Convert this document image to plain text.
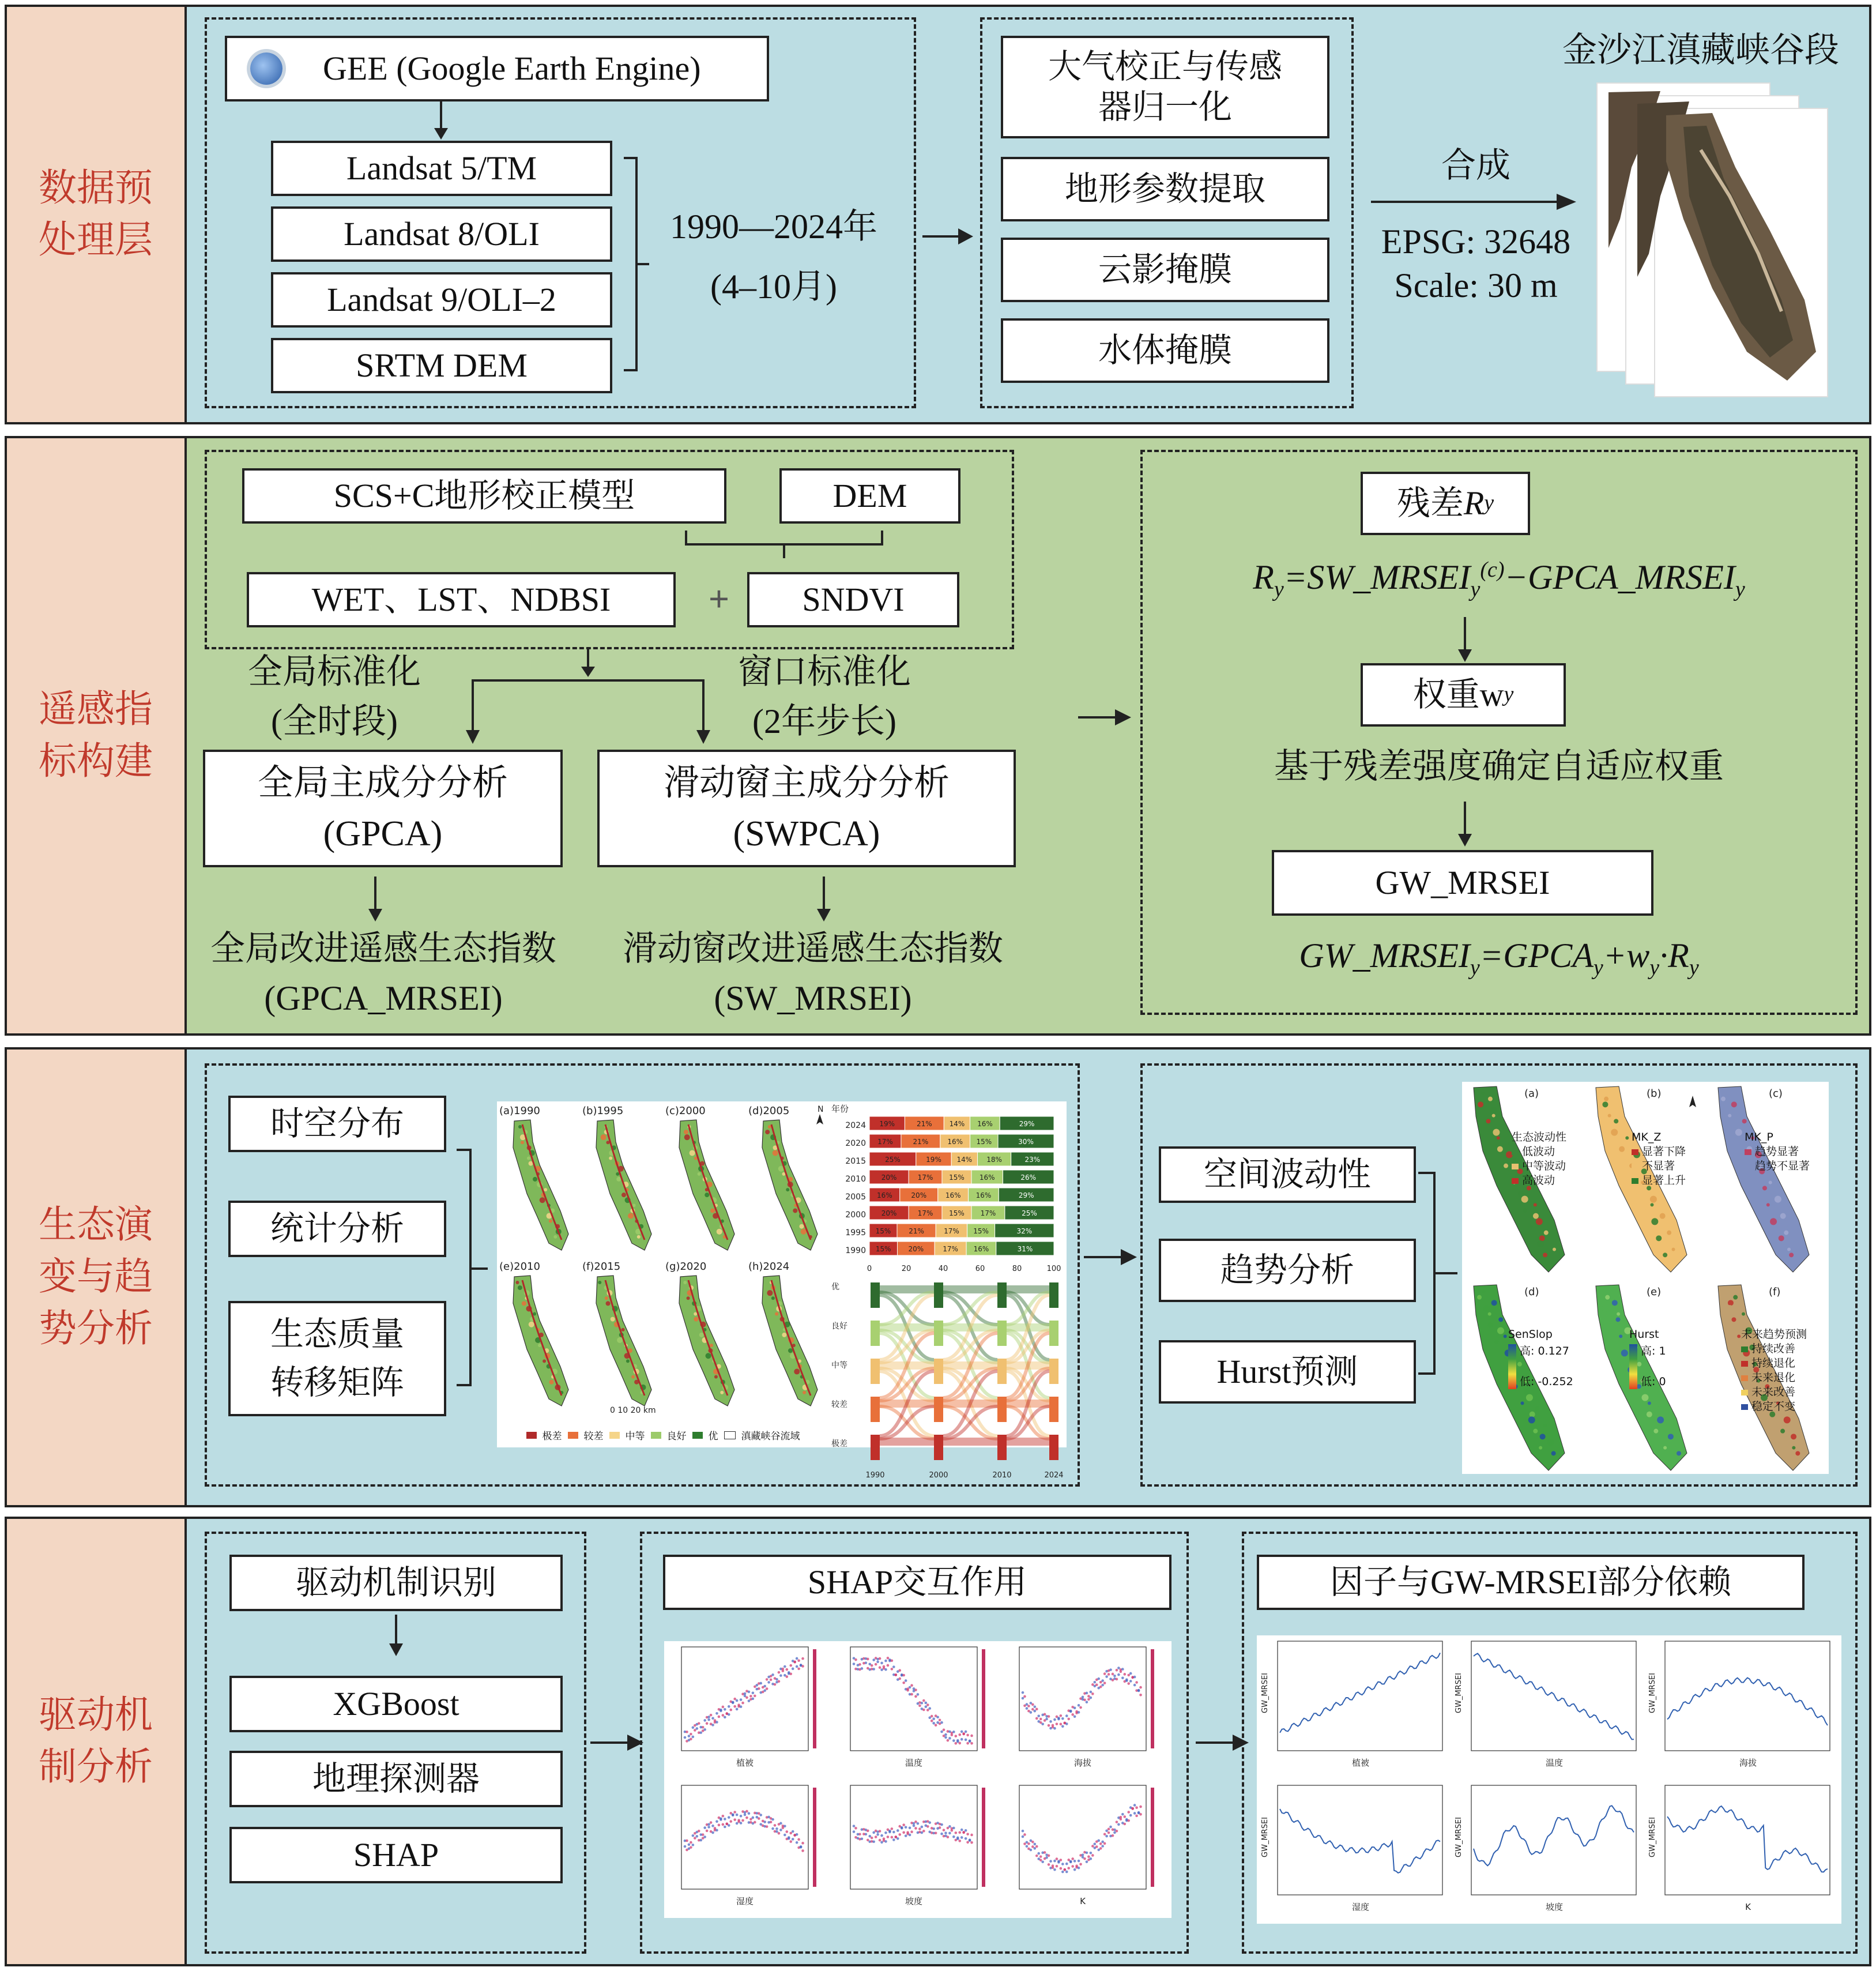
数据预处理层
GEE (Google Earth Engine)
Landsat 5/TM
Landsat 8/OLI
Landsat 9/OLI–2
SRTM DEM
1990—2024年
(4–10月)
大气校正与传感器归一化
地形参数提取
云影掩膜
水体掩膜
合成
EPSG: 32648
Scale: 30 m
金沙江滇藏峡谷段
遥感指标构建
SCS+C地形校正模型	DEM
WET、LST、NDBSI	+ SNDVI
全局标准化
(全时段)
窗口标准化
(2年步长)
全局主成分分析
(GPCA)
滑动窗主成分分析
(SWPCA)
全局改进遥感生态指数
(GPCA_MRSEI)
滑动窗改进遥感生态指数
(SW_MRSEI)
残差 R y
$R_y=SW\_MRSEI_y^{(c)}-GPCA\_MRSEI_y$
权重w y
基于残差强度确定自适应权重
GW_MRSEI
$GW\_MRSEI_y=GPCA_y+w_y\cdot R_y$
生态演变与趋势分析
时空分布
统计分析
生态质量转移矩阵
(a)1990	(b)1995	(c)2000	(d)2005
(e)2010	(f)2015	(g)2020	(h)2024
N
0 10 20 km
极差 较差 中等 良好 优 滇藏峡谷流域
年份
2024 19%	21% 14% 16%	29%
2020 17%	21%	16% 15%	30%
2015	25%	19% 14% 18%	23%
2010 20%	17% 15% 16%	26%
2005 16%	20%	16% 16%	29%
2000 20%	17% 15% 17%	25%
1995 15%	21%	17% 15%	32%
1990 15% 20%	17% 16%	31%
0	20	40	60	80	100
优
良好
中等
较差
极差
1990	2000	2010	2024
空间波动性
趋势分析
Hurst预测
(a)	(b)	(c)
(d)	(e)	(f)
生态波动性
低波动
中等波动
高波动
MK_Z
显著下降
不显著
显著上升
MK_P
趋势显著
趋势不显著
SenSlop
高: 0.127
低: -0.252
Hurst
高: 1
低: 0
未来趋势预测
持续改善
持续退化
未来退化
未来改善
稳定不变
驱动机制分析
驱动机制识别
XGBoost
地理探测器
SHAP
SHAP交互作用
植被	温度	海拔
湿度	坡度	K
因子与GW-MRSEI部分依赖
GW_MRSEI
植被
GW_MRSEI
温度
GW_MRSEI
海拔
GW_MRSEI
湿度
GW_MRSEI
坡度
GW_MRSEI
K
